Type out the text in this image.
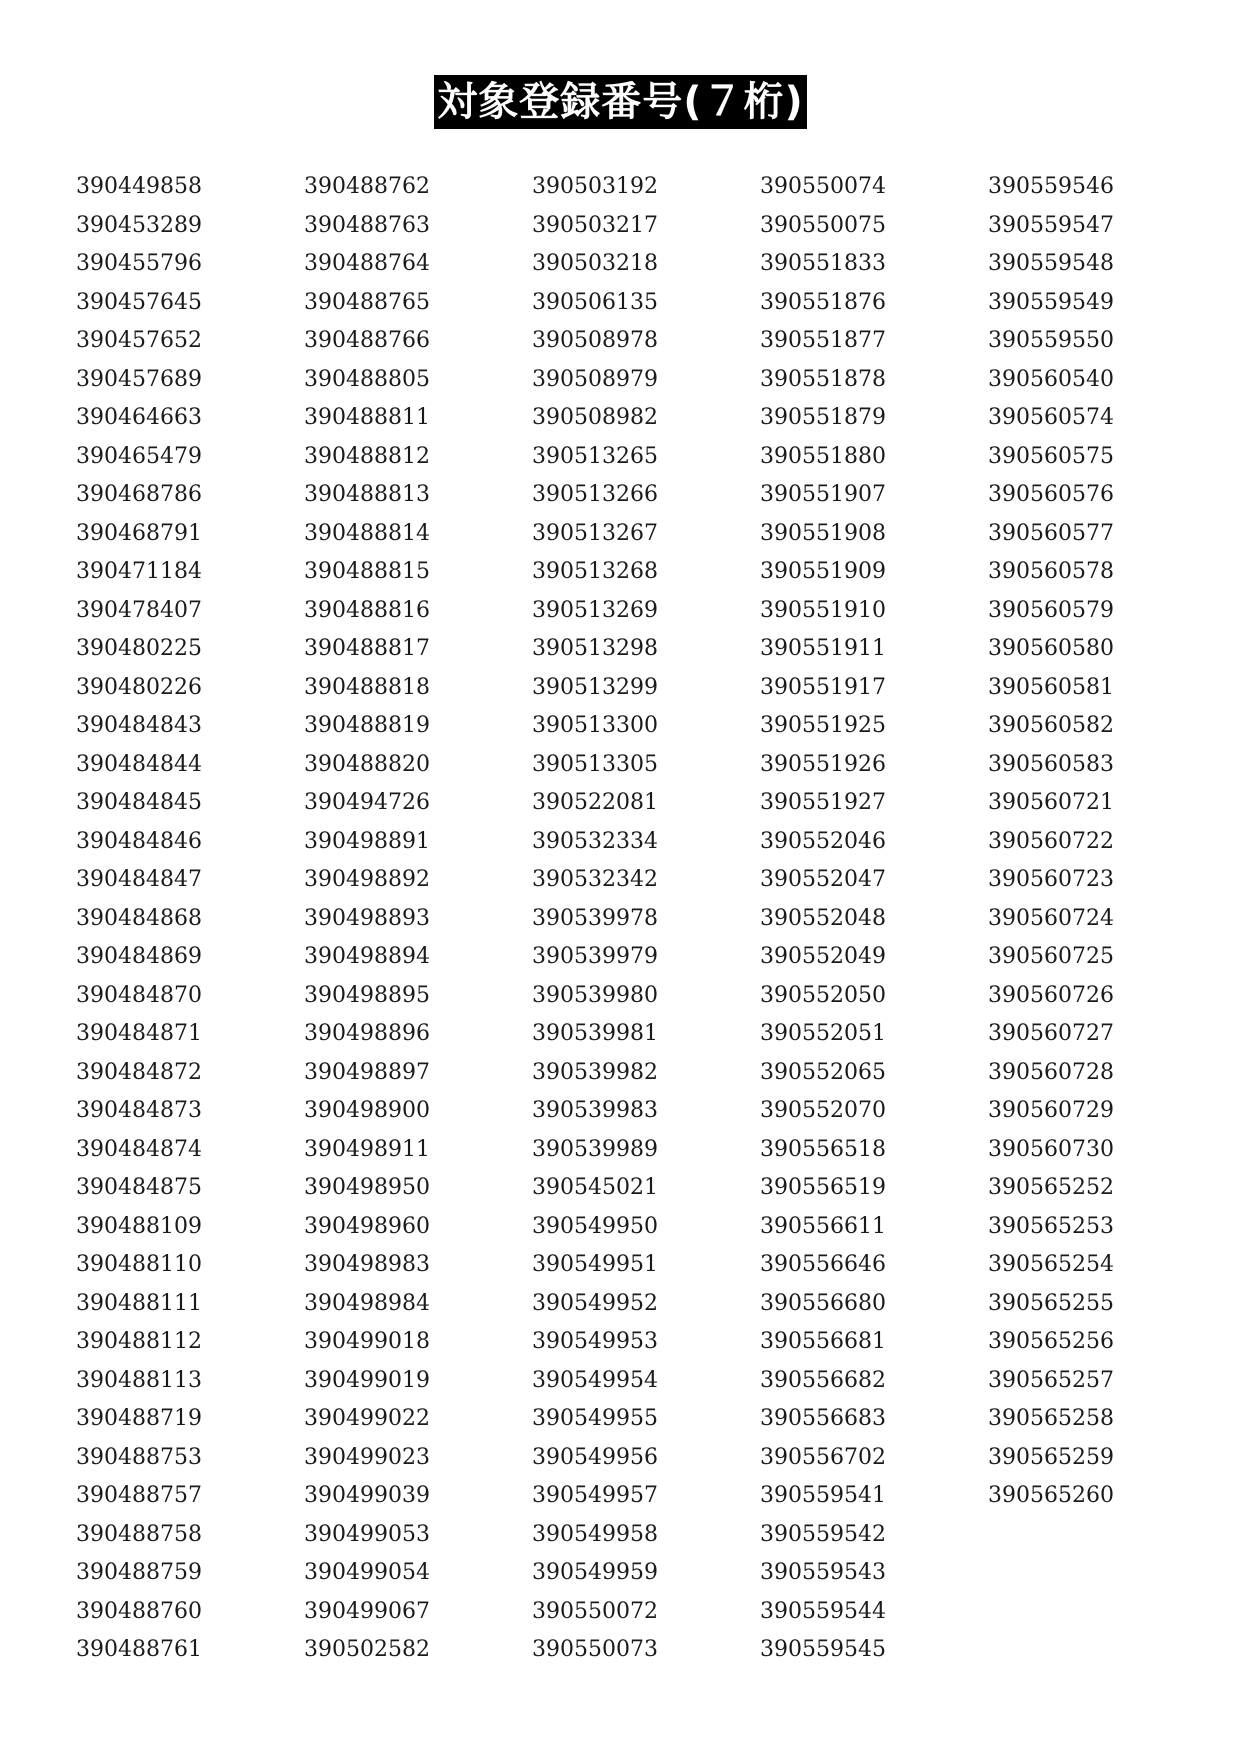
対象登録番号(７桁)
390449858
390453289
390455796
390457645
390457652
390457689
390464663
390465479
390468786
390468791
390471184
390478407
390480225
390480226
390484843
390484844
390484845
390484846
390484847
390484868
390484869
390484870
390484871
390484872
390484873
390484874
390484875
390488109
390488110
390488111
390488112
390488113
390488719
390488753
390488757
390488758
390488759
390488760
390488761
390488762
390488763
390488764
390488765
390488766
390488805
390488811
390488812
390488813
390488814
390488815
390488816
390488817
390488818
390488819
390488820
390494726
390498891
390498892
390498893
390498894
390498895
390498896
390498897
390498900
390498911
390498950
390498960
390498983
390498984
390499018
390499019
390499022
390499023
390499039
390499053
390499054
390499067
390502582
390503192
390503217
390503218
390506135
390508978
390508979
390508982
390513265
390513266
390513267
390513268
390513269
390513298
390513299
390513300
390513305
390522081
390532334
390532342
390539978
390539979
390539980
390539981
390539982
390539983
390539989
390545021
390549950
390549951
390549952
390549953
390549954
390549955
390549956
390549957
390549958
390549959
390550072
390550073
390550074
390550075
390551833
390551876
390551877
390551878
390551879
390551880
390551907
390551908
390551909
390551910
390551911
390551917
390551925
390551926
390551927
390552046
390552047
390552048
390552049
390552050
390552051
390552065
390552070
390556518
390556519
390556611
390556646
390556680
390556681
390556682
390556683
390556702
390559541
390559542
390559543
390559544
390559545
390559546
390559547
390559548
390559549
390559550
390560540
390560574
390560575
390560576
390560577
390560578
390560579
390560580
390560581
390560582
390560583
390560721
390560722
390560723
390560724
390560725
390560726
390560727
390560728
390560729
390560730
390565252
390565253
390565254
390565255
390565256
390565257
390565258
390565259
390565260
